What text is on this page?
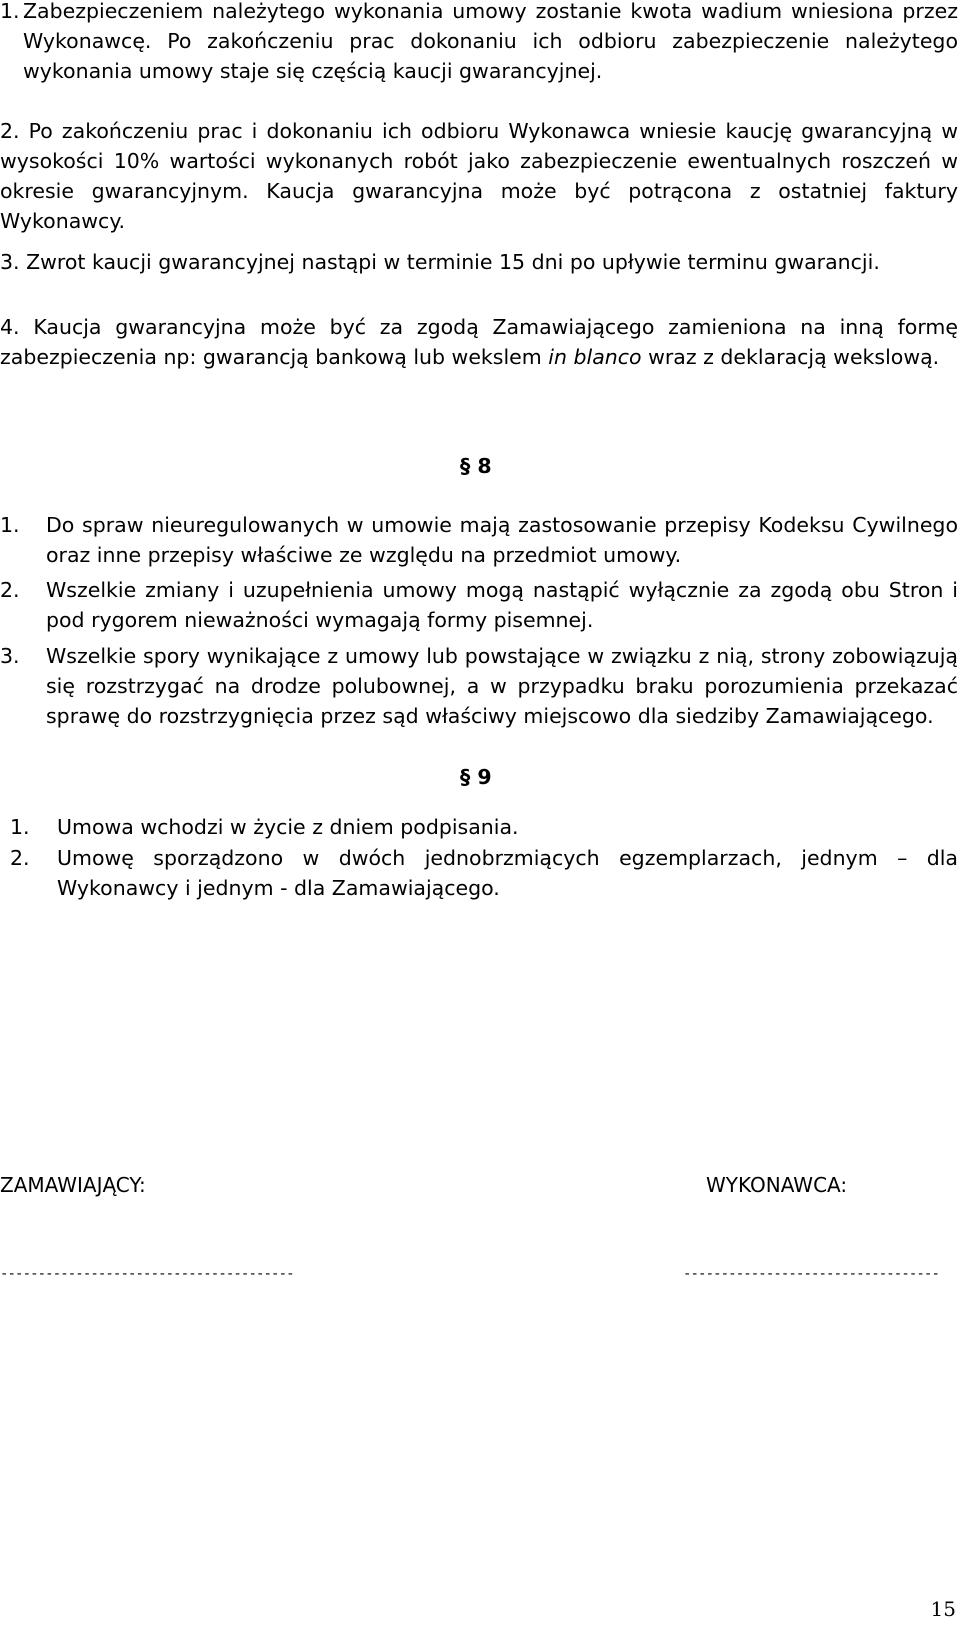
1. Zabezpieczeniem należytego wykonania umowy zostanie kwota wadium wniesiona przez Wykonawcę. Po zakończeniu prac dokonaniu ich odbioru zabezpieczenie należytego wykonania umowy staje się częścią kaucji gwarancyjnej.
2. Po zakończeniu prac i dokonaniu ich odbioru Wykonawca wniesie kaucję gwarancyjną w wysokości 10% wartości wykonanych robót jako zabezpieczenie ewentualnych roszczeń w okresie gwarancyjnym. Kaucja gwarancyjna może być potrącona z ostatniej faktury Wykonawcy.
3. Zwrot kaucji gwarancyjnej nastąpi w terminie 15 dni po upływie terminu gwarancji.
4. Kaucja gwarancyjna może być za zgodą Zamawiającego zamieniona na inną formę zabezpieczenia np: gwarancją bankową lub wekslem in blanco wraz z deklaracją wekslową.
§ 8
1. Do spraw nieuregulowanych w umowie mają zastosowanie przepisy Kodeksu Cywilnego oraz inne przepisy właściwe ze względu na przedmiot umowy.
2. Wszelkie zmiany i uzupełnienia umowy mogą nastąpić wyłącznie za zgodą obu Stron i pod rygorem nieważności wymagają formy pisemnej.
3. Wszelkie spory wynikające z umowy lub powstające w związku z nią, strony zobowiązują się rozstrzygać na drodze polubownej, a w przypadku braku porozumienia przekazać sprawę do rozstrzygnięcia przez sąd właściwy miejscowo dla siedziby Zamawiającego.
§ 9
1. Umowa wchodzi w życie z dniem podpisania.
2. Umowę sporządzono w dwóch jednobrzmiących egzemplarzach, jednym – dla Wykonawcy i jednym - dla Zamawiającego.
ZAMAWIAJĄCY:	WYKONAWCA:
---------------------------------------	----------------------------------
15
